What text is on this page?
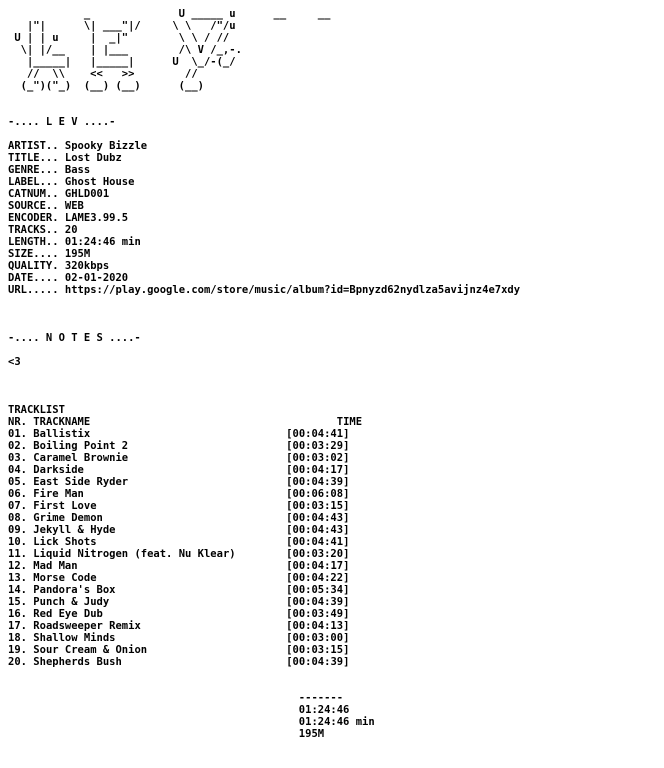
_              U _____ u      __     __
|"|      \| ___"|/     \ \   /"/u
U | | u     |  _|"        \ \ / //
\| |/__    | |___        /\ V /_,-.
|_____|   |_____|      U  \_/-(_/
//  \\    <<   >>        //
(_")("_)  (__) (__)      (__)

-.... L E V ....-

ARTIST.. Spooky Bizzle
TITLE... Lost Dubz
GENRE... Bass
LABEL... Ghost House
CATNUM.. GHLD001
SOURCE.. WEB
ENCODER. LAME3.99.5
TRACKS.. 20
LENGTH.. 01:24:46 min
SIZE.... 195M
QUALITY. 320kbps
DATE.... 02-01-2020
URL..... https://play.google.com/store/music/album?id=Bpnyzd62nydlza5avijnz4e7xdy

-.... N O T E S ....-

<3

TRACKLIST
NR. TRACKNAME	TIME
01. Ballistix	[00:04:41]
02. Boiling Point 2	[00:03:29]
03. Caramel Brownie	[00:03:02]
04. Darkside	[00:04:17]
05. East Side Ryder	[00:04:39]
06. Fire Man	[00:06:08]
07. First Love	[00:03:15]
08. Grime Demon	[00:04:43]
09. Jekyll & Hyde	[00:04:43]
10. Lick Shots	[00:04:41]
11. Liquid Nitrogen (feat. Nu Klear)	[00:03:20]
12. Mad Man	[00:04:17]
13. Morse Code	[00:04:22]
14. Pandora's Box	[00:05:34]
15. Punch & Judy	[00:04:39]
16. Red Eye Dub	[00:03:49]
17. Roadsweeper Remix	[00:04:13]
18. Shallow Minds	[00:03:00]
19. Sour Cream & Onion	[00:03:15]
20. Shepherds Bush	[00:04:39]

-------
01:24:46
01:24:46 min
195M
